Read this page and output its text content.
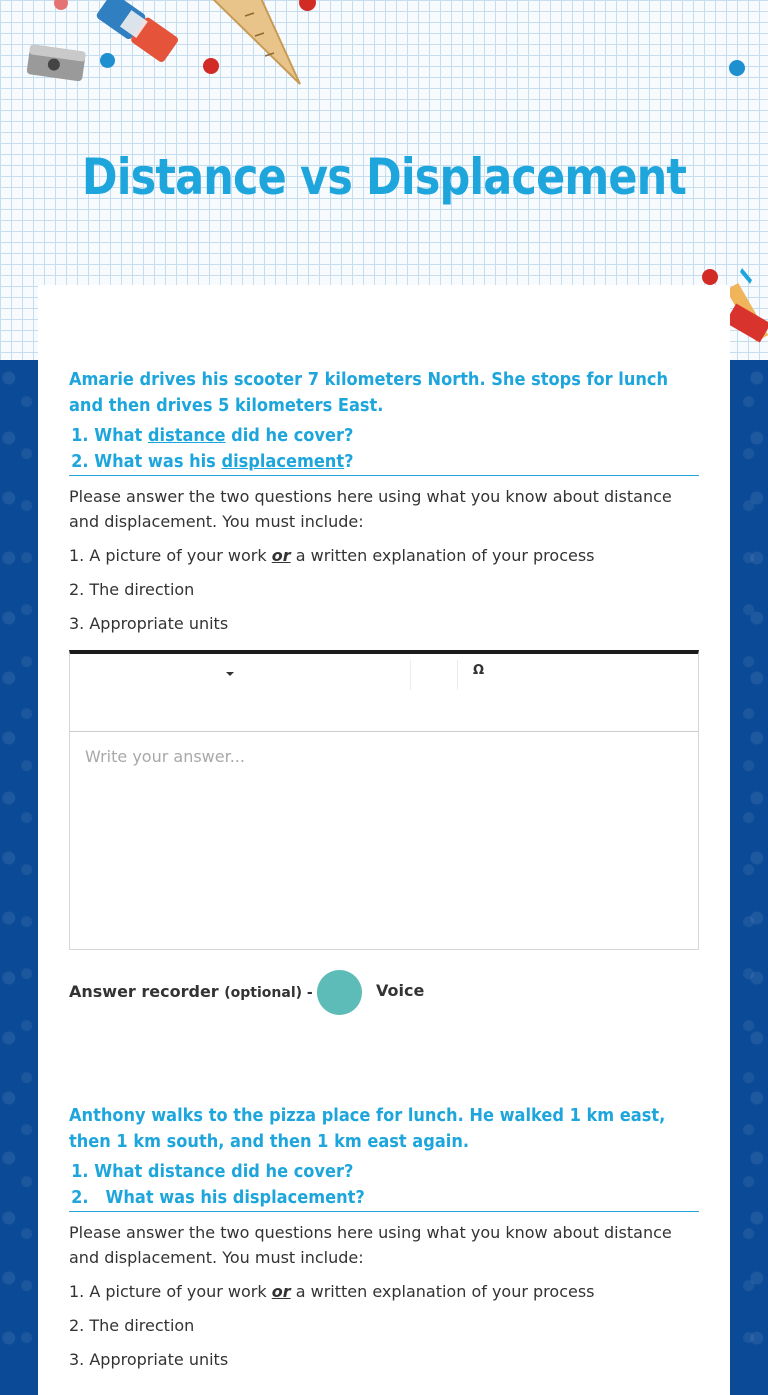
Distance vs Displacement
Amarie drives his scooter 7 kilometers North. She stops for lunch and then drives 5 kilometers East.
1. What distance did he cover?
2. What was his displacement?

Please answer the two questions here using what you know about distance and displacement. You must include:

1. A picture of your work or a written explanation of your process

2. The direction

3. Appropriate units

Ω
Write your answer...
Answer recorder (optional) -	Voice
Anthony walks to the pizza place for lunch. He walked 1 km east, then 1 km south, and then 1 km east again.
1. What distance did he cover?
2.   What was his displacement?

Please answer the two questions here using what you know about distance and displacement. You must include:

1. A picture of your work or a written explanation of your process

2. The direction

3. Appropriate units
